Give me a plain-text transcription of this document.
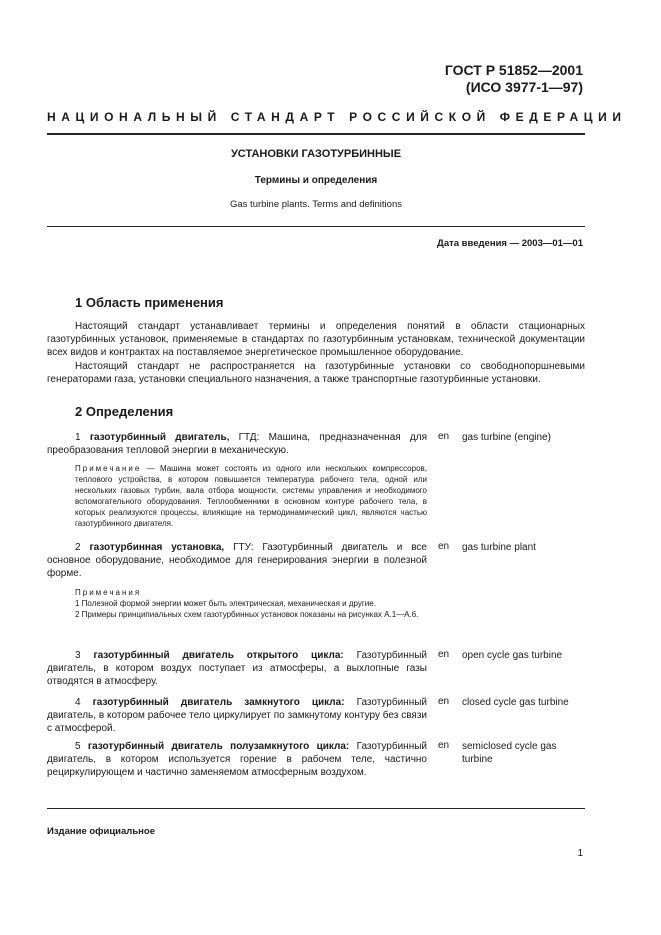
ГОСТ Р 51852—2001
(ИСО 3977-1—97)
НАЦИОНАЛЬНЫЙ СТАНДАРТ РОССИЙСКОЙ ФЕДЕРАЦИИ
УСТАНОВКИ ГАЗОТУРБИННЫЕ
Термины и определения
Gas turbine plants. Terms and definitions
Дата введения — 2003—01—01
1 Область применения

Настоящий стандарт устанавливает термины и определения понятий в области стационарных газотурбинных установок, применяемые в стандартах по газотурбинным установкам, технической документации всех видов и контрактах на поставляемое энергетическое промышленное оборудование.

Настоящий стандарт не распространяется на газотурбинные установки со свободнопоршневыми генераторами газа, установки специального назначения, а также транспортные газотурбинные установки.

2 Определения

1 газотурбинный двигатель, ГТД: Машина, предназначенная для преобразования тепловой энергии в механическую.

en gas turbine (engine)

Примечание — Машина может состоять из одного или нескольких компрессоров, теплового устройства, в котором повышается температура рабочего тела, одной или нескольких газовых турбин, вала отбора мощности, системы управления и необходимого вспомогательного оборудования. Теплообменники в основном контуре рабочего тела, в которых реализуются процессы, влияющие на термодинамический цикл, являются частью газотурбинного двигателя.

2 газотурбинная установка, ГТУ: Газотурбинный двигатель и все основное оборудование, необходимое для генерирования энергии в полезной форме.

en gas turbine plant

Примечания

1 Полезной формой энергии может быть электрическая, механическая и другие.

2 Примеры принципиальных схем газотурбинных установок показаны на рисунках А.1—А.6.

3 газотурбинный двигатель открытого цикла: Газотурбинный двигатель, в котором воздух поступает из атмосферы, а выхлопные газы отводятся в атмосферу.

en open cycle gas turbine

4 газотурбинный двигатель замкнутого цикла: Газотурбинный двигатель, в котором рабочее тело циркулирует по замкнутому контуру без связи с атмосферой.

en closed cycle gas turbine

5 газотурбинный двигатель полузамкнутого цикла: Газотурбинный двигатель, в котором используется горение в рабочем теле, частично рециркулирующем и частично заменяемом атмосферным воздухом.

en semiclosed cycle gas turbine
Издание официальное
1
